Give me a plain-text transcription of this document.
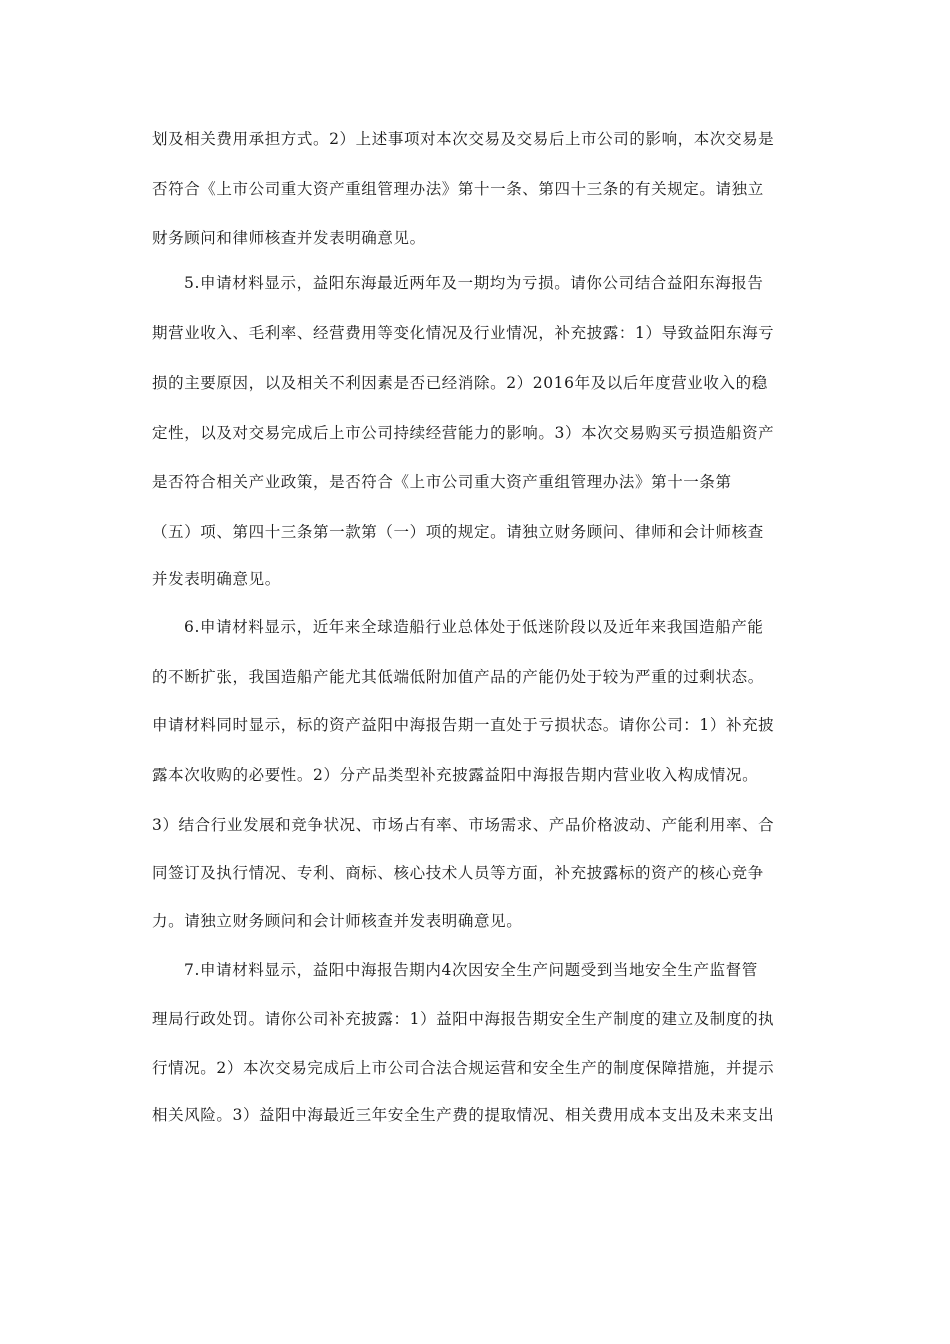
划及相关费用承担方式。2）上述事项对本次交易及交易后上市公司的影响，本次交易是
否符合《上市公司重大资产重组管理办法》第十一条、第四十三条的有关规定。请独立
财务顾问和律师核查并发表明确意见。
5.申请材料显示，益阳东海最近两年及一期均为亏损。请你公司结合益阳东海报告
期营业收入、毛利率、经营费用等变化情况及行业情况，补充披露：1）导致益阳东海亏
损的主要原因，以及相关不利因素是否已经消除。2）2016年及以后年度营业收入的稳
定性，以及对交易完成后上市公司持续经营能力的影响。3）本次交易购买亏损造船资产
是否符合相关产业政策，是否符合《上市公司重大资产重组管理办法》第十一条第
（五）项、第四十三条第一款第（一）项的规定。请独立财务顾问、律师和会计师核查
并发表明确意见。
6.申请材料显示，近年来全球造船行业总体处于低迷阶段以及近年来我国造船产能
的不断扩张，我国造船产能尤其低端低附加值产品的产能仍处于较为严重的过剩状态。
申请材料同时显示，标的资产益阳中海报告期一直处于亏损状态。请你公司：1）补充披
露本次收购的必要性。2）分产品类型补充披露益阳中海报告期内营业收入构成情况。
3）结合行业发展和竞争状况、市场占有率、市场需求、产品价格波动、产能利用率、合
同签订及执行情况、专利、商标、核心技术人员等方面，补充披露标的资产的核心竞争
力。请独立财务顾问和会计师核查并发表明确意见。
7.申请材料显示，益阳中海报告期内4次因安全生产问题受到当地安全生产监督管
理局行政处罚。请你公司补充披露：1）益阳中海报告期安全生产制度的建立及制度的执
行情况。2）本次交易完成后上市公司合法合规运营和安全生产的制度保障措施，并提示
相关风险。3）益阳中海最近三年安全生产费的提取情况、相关费用成本支出及未来支出
